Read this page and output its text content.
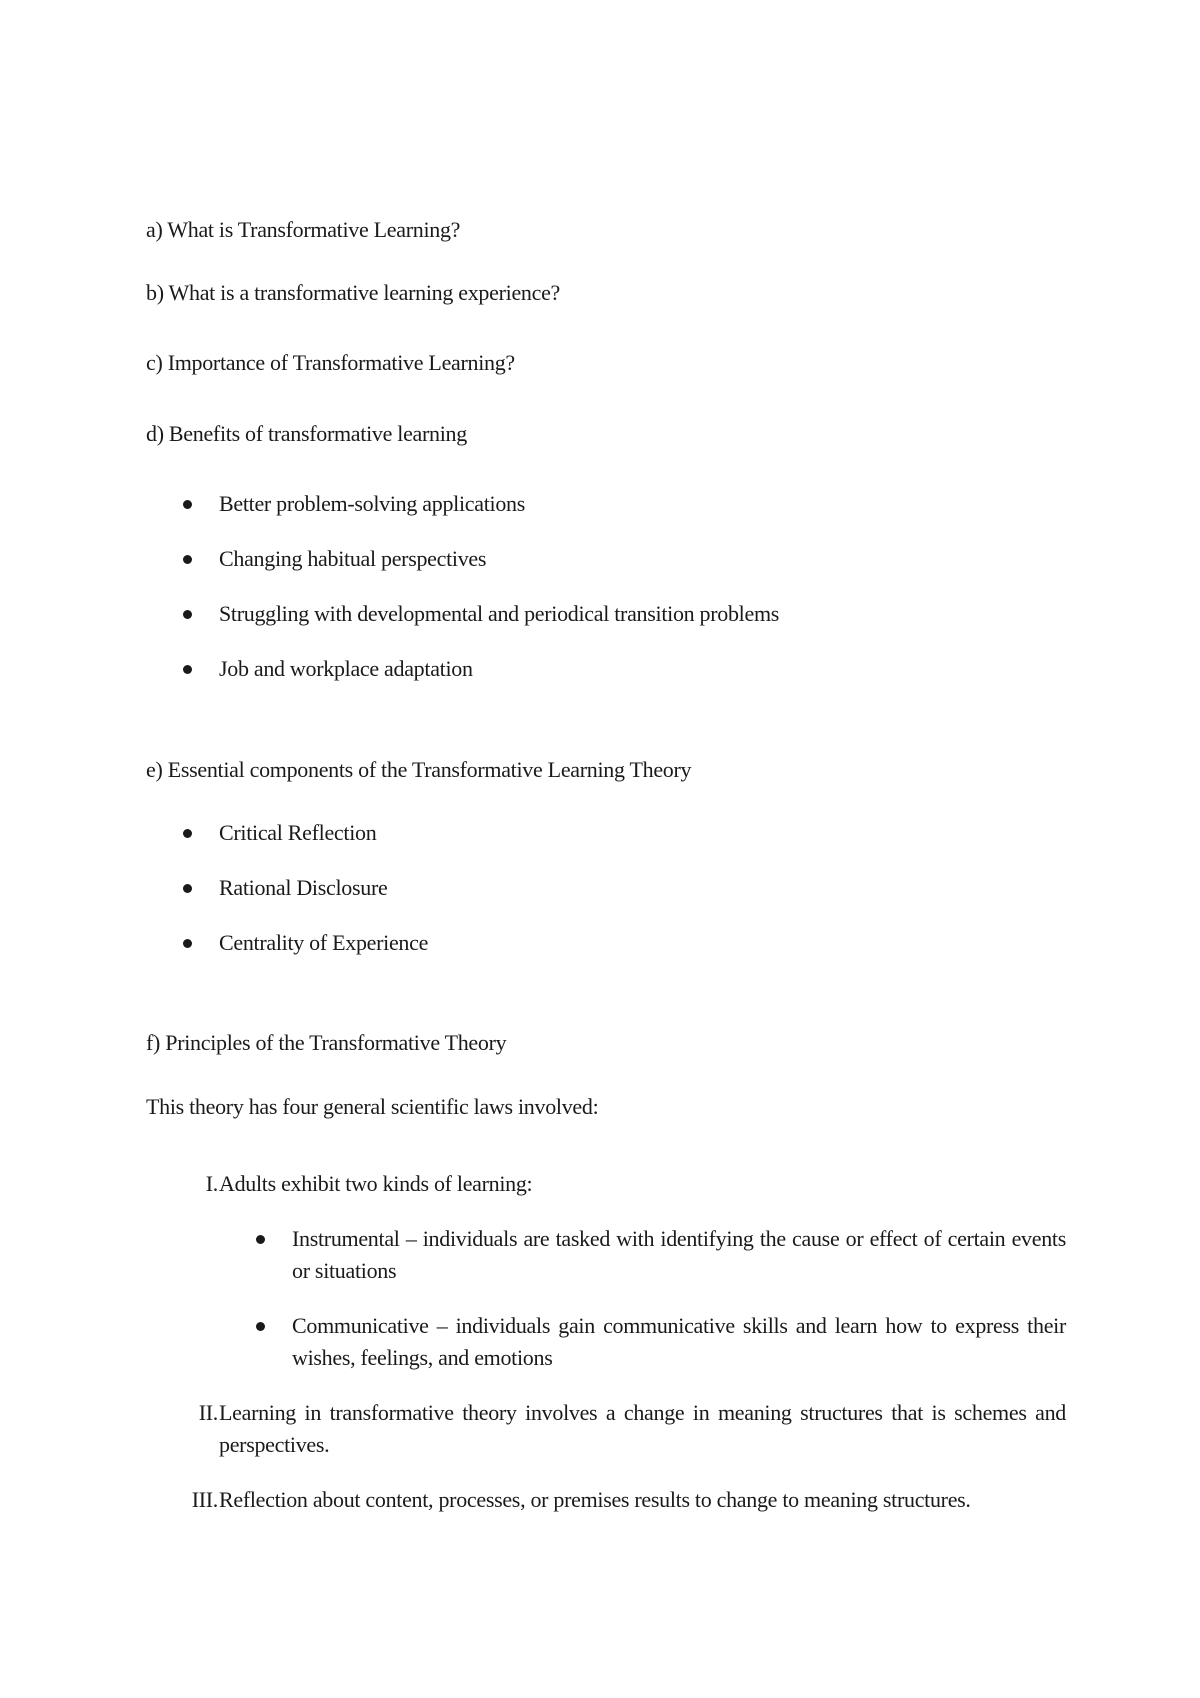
a) What is Transformative Learning?
b) What is a transformative learning experience?
c) Importance of Transformative Learning?
d) Benefits of transformative learning
Better problem-solving applications
Changing habitual perspectives
Struggling with developmental and periodical transition problems
Job and workplace adaptation
e) Essential components of the Transformative Learning Theory
Critical Reflection
Rational Disclosure
Centrality of Experience
f) Principles of the Transformative Theory
This theory has four general scientific laws involved:
I. Adults exhibit two kinds of learning:
Instrumental – individuals are tasked with identifying the cause or effect of certain events or situations
Communicative – individuals gain communicative skills and learn how to express their wishes, feelings, and emotions
II. Learning in transformative theory involves a change in meaning structures that is schemes and perspectives.
III. Reflection about content, processes, or premises results to change to meaning structures.
